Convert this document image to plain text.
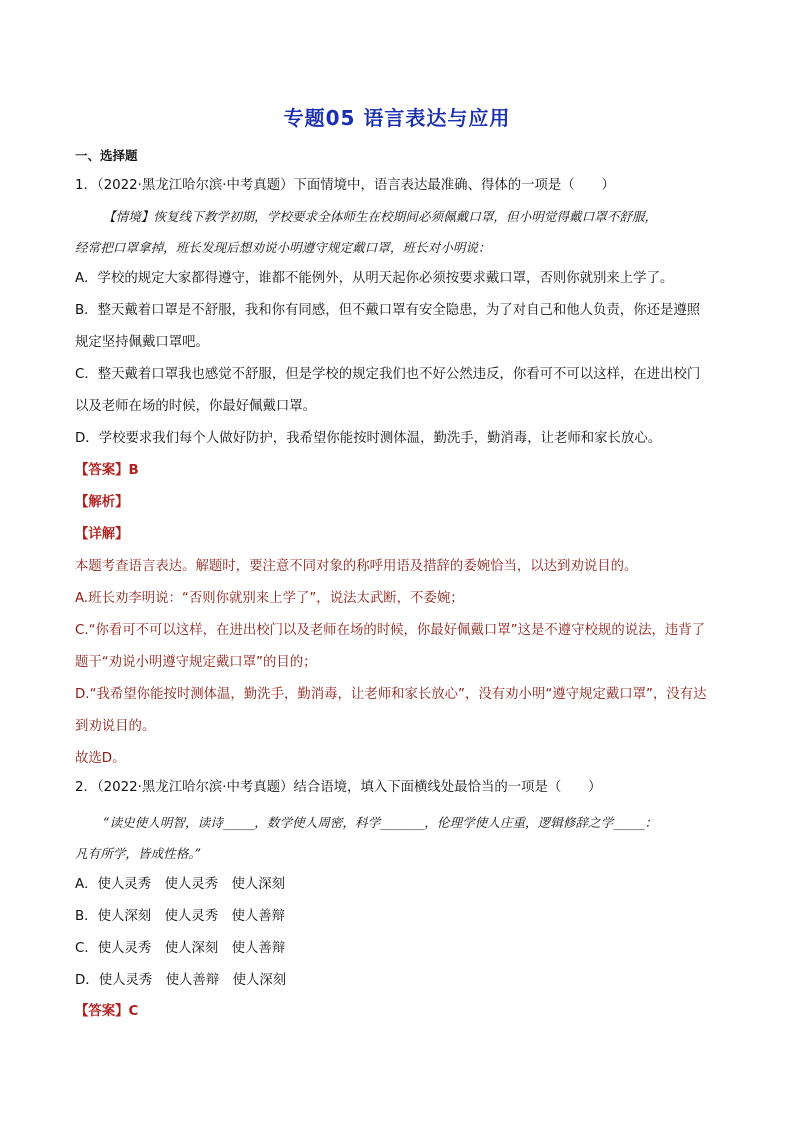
专题05 语言表达与应用
一、选择题
1．（2022·黑龙江哈尔滨·中考真题）下面情境中，语言表达最准确、得体的一项是（　　）
【情境】恢复线下教学初期，学校要求全体师生在校期间必须佩戴口罩，但小明觉得戴口罩不舒服，
经常把口罩拿掉，班长发现后想劝说小明遵守规定戴口罩，班长对小明说：
A．学校的规定大家都得遵守，谁都不能例外，从明天起你必须按要求戴口罩，否则你就别来上学了。
B．整天戴着口罩是不舒服，我和你有同感，但不戴口罩有安全隐患，为了对自己和他人负责，你还是遵照
规定坚持佩戴口罩吧。
C．整天戴着口罩我也感觉不舒服，但是学校的规定我们也不好公然违反，你看可不可以这样，在进出校门
以及老师在场的时候，你最好佩戴口罩。
D．学校要求我们每个人做好防护，我希望你能按时测体温，勤洗手，勤消毒，让老师和家长放心。
【答案】B
【解析】
【详解】
本题考查语言表达。解题时，要注意不同对象的称呼用语及措辞的委婉恰当，以达到劝说目的。
A.班长劝李明说：“否则你就别来上学了”，说法太武断，不委婉；
C.“你看可不可以这样，在进出校门以及老师在场的时候，你最好佩戴口罩”这是不遵守校规的说法，违背了
题干“劝说小明遵守规定戴口罩”的目的；
D.“我希望你能按时测体温，勤洗手，勤消毒，让老师和家长放心”，没有劝小明“遵守规定戴口罩”，没有达
到劝说目的。
故选D。
2．（2022·黑龙江哈尔滨·中考真题）结合语境，填入下面横线处最恰当的一项是（　　）
“读史使人明智，读诗_____，数学使人周密，科学_______，伦理学使人庄重，逻辑修辞之学_____：
凡有所学，皆成性格。”
A．使人灵秀　使人灵秀　使人深刻
B．使人深刻　使人灵秀　使人善辩
C．使人灵秀　使人深刻　使人善辩
D．使人灵秀　使人善辩　使人深刻
【答案】C
